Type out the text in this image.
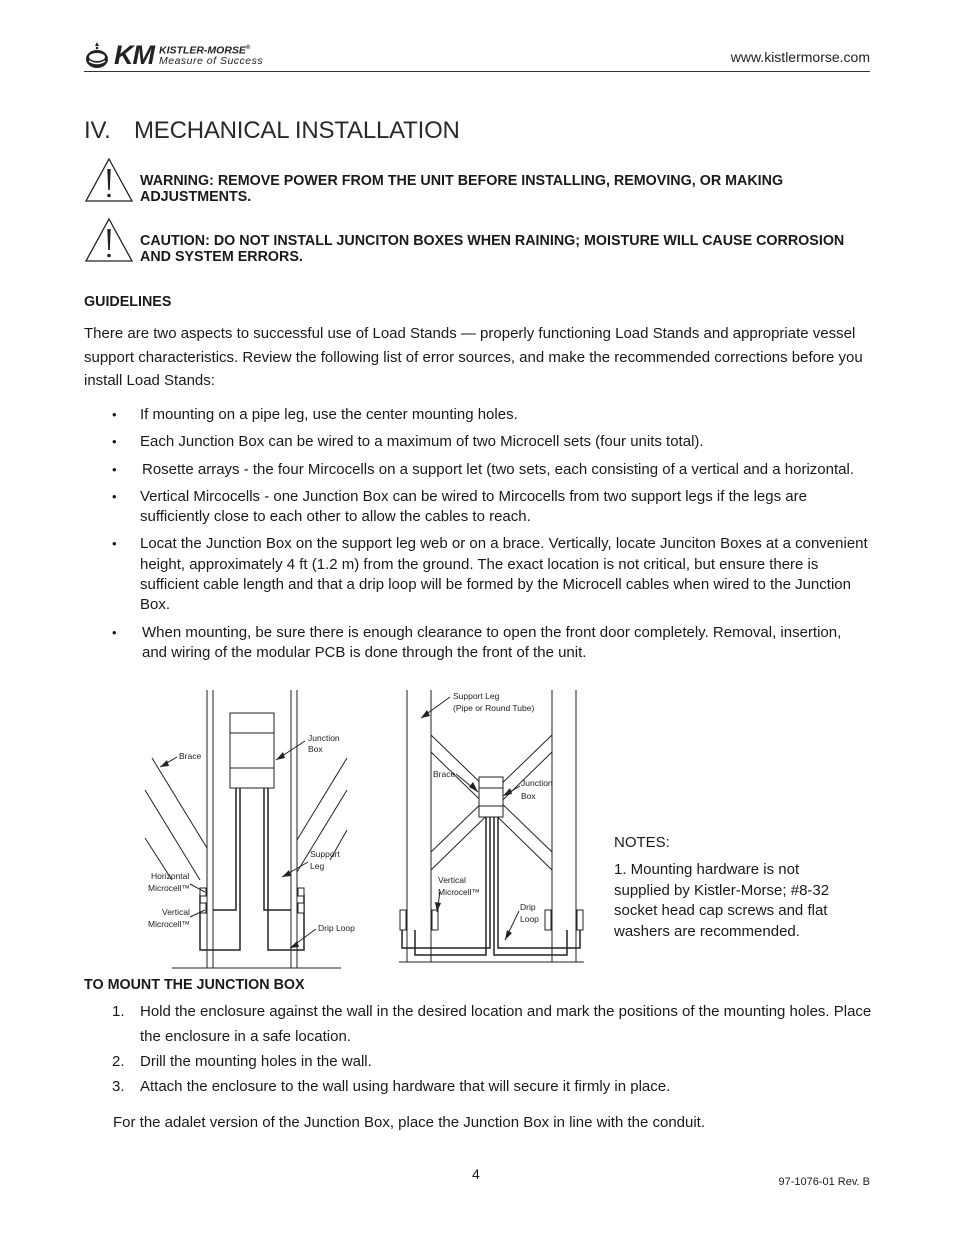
KM KISTLER-MORSE®
Measure of Success	www.kistlermorse.com
IV. MECHANICAL INSTALLATION
WARNING: REMOVE POWER FROM THE UNIT BEFORE INSTALLING, REMOVING, OR MAKING ADJUSTMENTS.
CAUTION: DO NOT INSTALL JUNCITON BOXES WHEN RAINING; MOISTURE WILL CAUSE CORROSION AND SYSTEM ERRORS.
GUIDELINES
There are two aspects to successful use of Load Stands — properly functioning Load Stands and appropriate vessel support characteristics. Review the following list of error sources, and make the recommended corrections before you install Load Stands:
• If mounting on a pipe leg, use the center mounting holes.
• Each Junction Box can be wired to a maximum of two Microcell sets (four units total).
• Rosette arrays - the four Mircocells on a support let (two sets, each consisting of a vertical and a horizontal.
• Vertical Mircocells - one Junction Box can be wired to Mircocells from two support legs if the legs are sufficiently close to each other to allow the cables to reach.
• Locat the Junction Box on the support leg web or on a brace. Vertically, locate Junciton Boxes at a convenient height, approximately 4 ft (1.2 m) from the ground. The exact location is not critical, but ensure there is sufficient cable length and that a drip loop will be formed by the Microcell cables when wired to the Junction Box.
• When mounting, be sure there is enough clearance to open the front door completely. Removal, insertion, and wiring of the modular PCB is done through the front of the unit.
Brace
Junction
Box
Support
Leg
Horizontal
Microcell™
Vertical
Microcell™	Drip Loop
Support Leg
(Pipe or Round Tube)
Brace
Junction
Box
Vertical
Microcell™
Drip
Loop
NOTES:
1. Mounting hardware is not supplied by Kistler-Morse; #8-32 socket head cap screws and flat washers are recommended.
TO MOUNT THE JUNCTION BOX
1. Hold the enclosure against the wall in the desired location and mark the positions of the mounting holes. Place the enclosure in a safe location.
2. Drill the mounting holes in the wall.
3. Attach the enclosure to the wall using hardware that will secure it firmly in place.
For the adalet version of the Junction Box, place the Junction Box in line with the conduit.
4	97-1076-01 Rev. B
